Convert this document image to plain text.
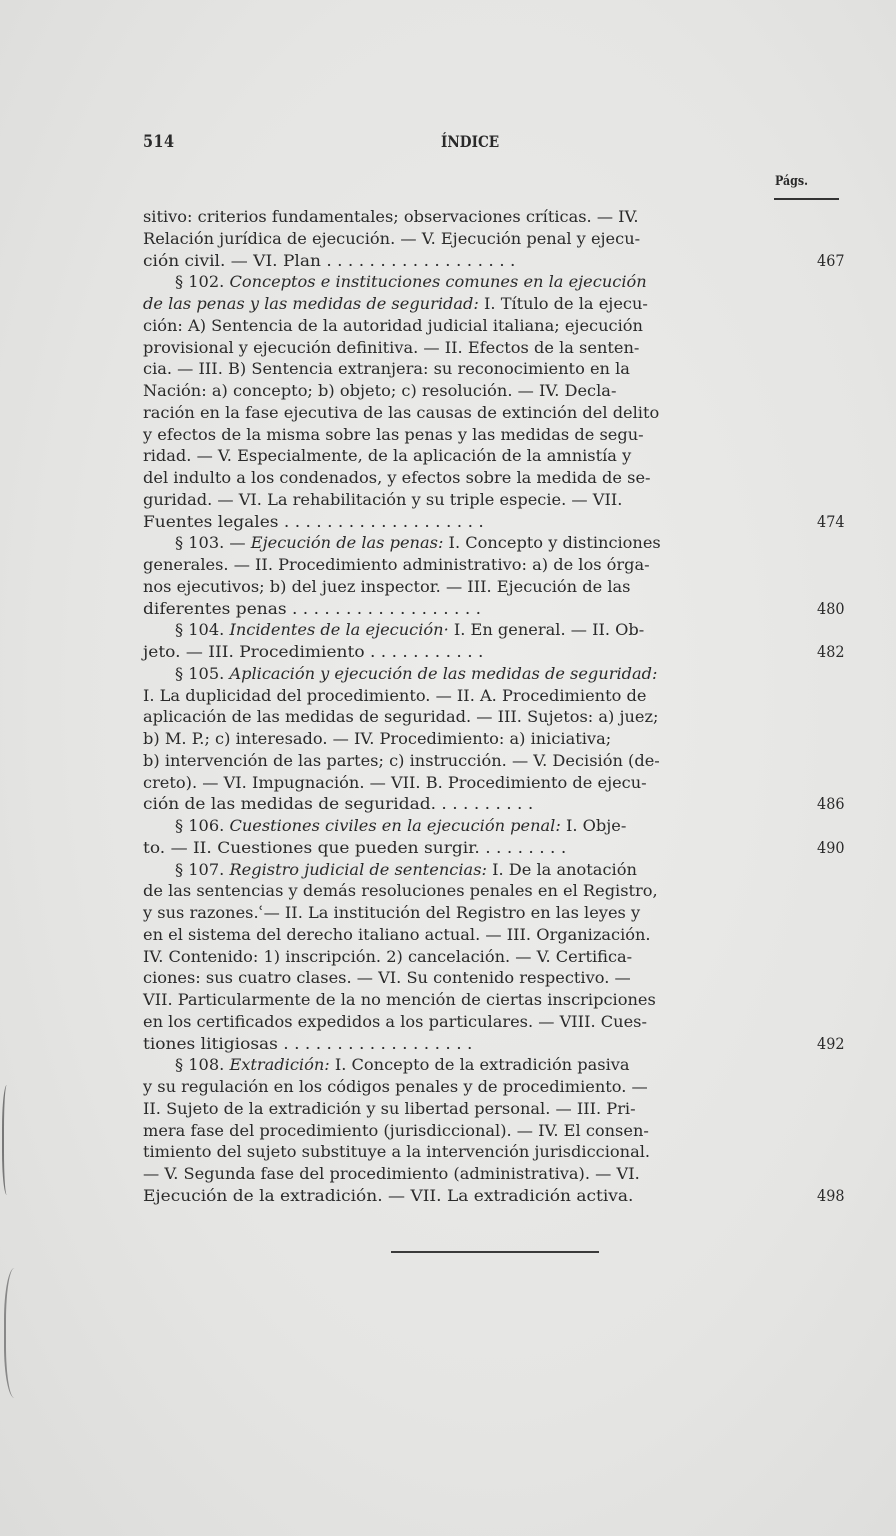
514	ÍNDICE
Págs.
sitivo: criterios fundamentales; observaciones críticas. — IV.
Relación jurídica de ejecución. — V. Ejecución penal y ejecu-
ción civil. — VI. Plan . . . . . . . . . . . . . . . . . .	467
§ 102. Conceptos e instituciones comunes en la ejecución
de las penas y las medidas de seguridad: I. Título de la ejecu-
ción: A) Sentencia de la autoridad judicial italiana; ejecución
provisional y ejecución definitiva. — II. Efectos de la senten-
cia. — III. B) Sentencia extranjera: su reconocimiento en la
Nación: a) concepto; b) objeto; c) resolución. — IV. Decla-
ración en la fase ejecutiva de las causas de extinción del delito
y efectos de la misma sobre las penas y las medidas de segu-
ridad. — V. Especialmente, de la aplicación de la amnistía y
del indulto a los condenados, y efectos sobre la medida de se-
guridad. — VI. La rehabilitación y su triple especie. — VII.
Fuentes legales . . . . . . . . . . . . . . . . . . .	474
§ 103. — Ejecución de las penas: I. Concepto y distinciones
generales. — II. Procedimiento administrativo: a) de los órga-
nos ejecutivos; b) del juez inspector. — III. Ejecución de las
diferentes penas . . . . . . . . . . . . . . . . . .	480
§ 104. Incidentes de la ejecución· I. En general. — II. Ob-
jeto. — III. Procedimiento . . . . . . . . . . .	482
§ 105. Aplicación y ejecución de las medidas de seguridad:
I. La duplicidad del procedimiento. — II. A. Procedimiento de
aplicación de las medidas de seguridad. — III. Sujetos: a) juez;
b) M. P.; c) interesado. — IV. Procedimiento: a) iniciativa;
b) intervención de las partes; c) instrucción. — V. Decisión (de-
creto). — VI. Impugnación. — VII. B. Procedimiento de ejecu-
ción de las medidas de seguridad. . . . . . . . . .	486
§ 106. Cuestiones civiles en la ejecución penal: I. Obje-
to. — II. Cuestiones que pueden surgir. . . . . . . . .	490
§ 107. Registro judicial de sentencias: I. De la anotación
de las sentencias y demás resoluciones penales en el Registro,
y sus razones.ʿ— II. La institución del Registro en las leyes y
en el sistema del derecho italiano actual. — III. Organización.
IV. Contenido: 1) inscripción. 2) cancelación. — V. Certifica-
ciones: sus cuatro clases. — VI. Su contenido respectivo. —
VII. Particularmente de la no mención de ciertas inscripciones
en los certificados expedidos a los particulares. — VIII. Cues-
tiones litigiosas . . . . . . . . . . . . . . . . . .	492
§ 108. Extradición: I. Concepto de la extradición pasiva
y su regulación en los códigos penales y de procedimiento. —
II. Sujeto de la extradición y su libertad personal. — III. Pri-
mera fase del procedimiento (jurisdiccional). — IV. El consen-
timiento del sujeto substituye a la intervención jurisdiccional.
— V. Segunda fase del procedimiento (administrativa). — VI.
Ejecución de la extradición. — VII. La extradición activa.	498
